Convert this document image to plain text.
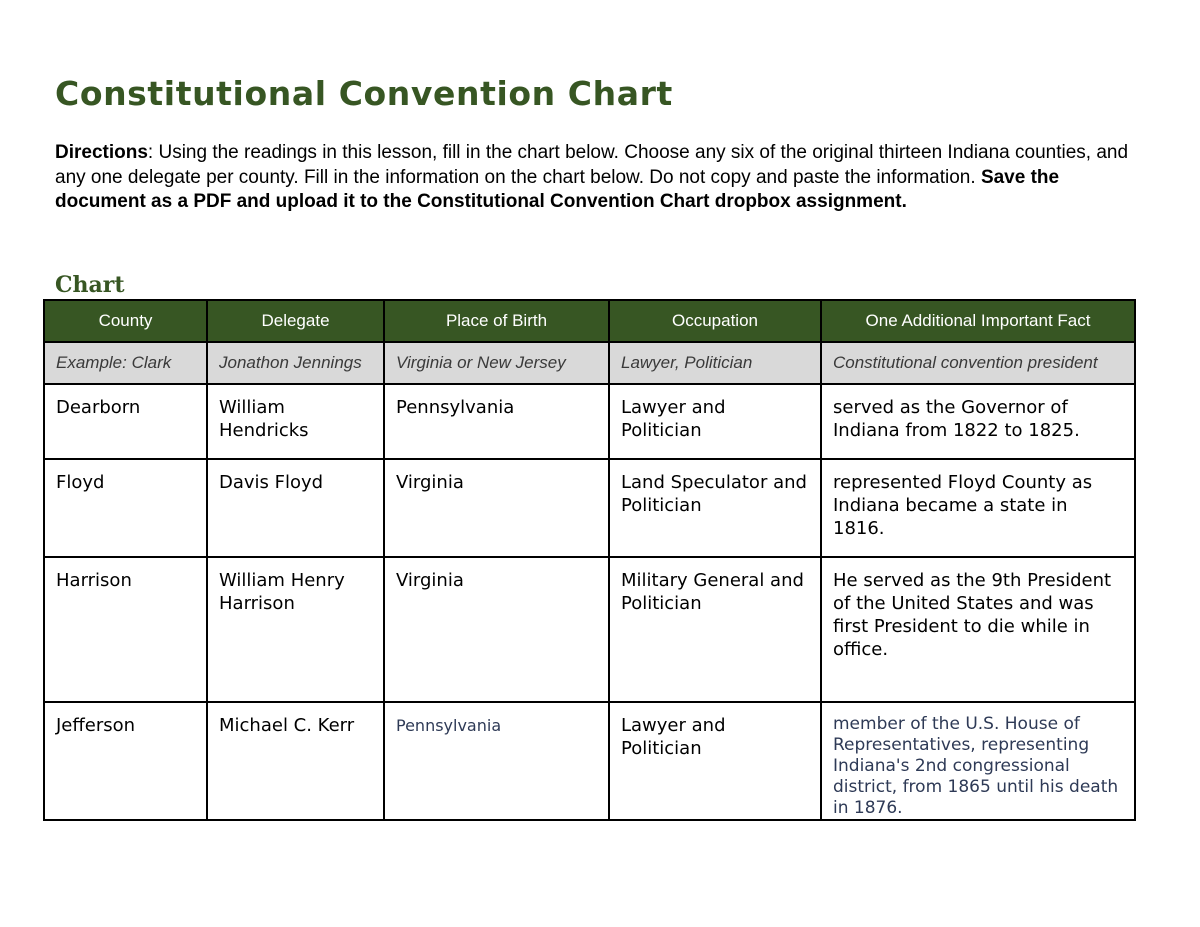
Constitutional Convention Chart

Directions: Using the readings in this lesson, fill in the chart below. Choose any six of the original thirteen Indiana counties, and any one delegate per county. Fill in the information on the chart below. Do not copy and paste the information. Save the document as a PDF and upload it to the Constitutional Convention Chart dropbox assignment.

Chart
County	Delegate	Place of Birth	Occupation	One Additional Important Fact
Example: Clark	Jonathon Jennings	Virginia or New Jersey	Lawyer, Politician	Constitutional convention president
Dearborn	William Hendricks	Pennsylvania	Lawyer and Politician	served as the Governor of Indiana from 1822 to 1825.
Floyd	Davis Floyd	Virginia	Land Speculator and Politician	represented Floyd County as Indiana became a state in 1816.
Harrison	William Henry Harrison	Virginia	Military General and Politician	He served as the 9th President of the United States and was first President to die while in office.
Jefferson	Michael C. Kerr	Pennsylvania	Lawyer and Politician	member of the U.S. House of Representatives, representing Indiana's 2nd congressional district, from 1865 until his death in 1876.
